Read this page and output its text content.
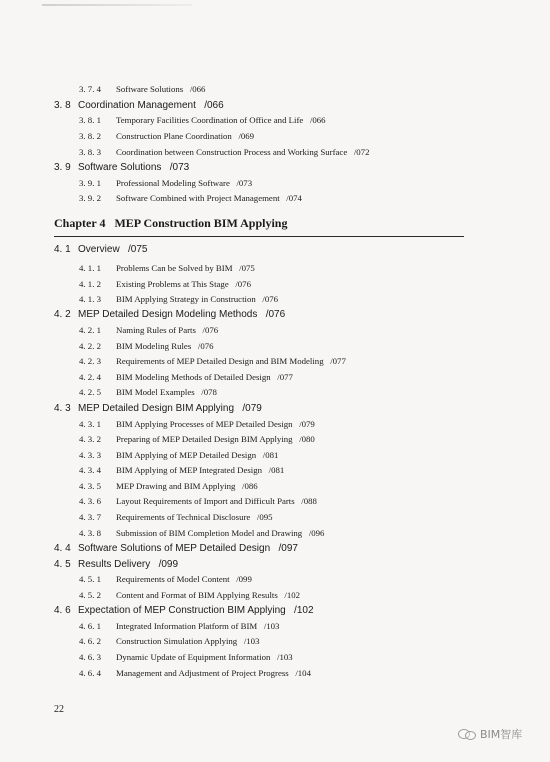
3. 7. 4 Software Solutions /066
3. 8 Coordination Management /066
3. 8. 1 Temporary Facilities Coordination of Office and Life /066
3. 8. 2 Construction Plane Coordination /069
3. 8. 3 Coordination between Construction Process and Working Surface /072
3. 9 Software Solutions /073
3. 9. 1 Professional Modeling Software /073
3. 9. 2 Software Combined with Project Management /074
Chapter 4 MEP Construction BIM Applying
4. 1 Overview /075
4. 1. 1 Problems Can be Solved by BIM /075
4. 1. 2 Existing Problems at This Stage /076
4. 1. 3 BIM Applying Strategy in Construction /076
4. 2 MEP Detailed Design Modeling Methods /076
4. 2. 1 Naming Rules of Parts /076
4. 2. 2 BIM Modeling Rules /076
4. 2. 3 Requirements of MEP Detailed Design and BIM Modeling /077
4. 2. 4 BIM Modeling Methods of Detailed Design /077
4. 2. 5 BIM Model Examples /078
4. 3 MEP Detailed Design BIM Applying /079
4. 3. 1 BIM Applying Processes of MEP Detailed Design /079
4. 3. 2 Preparing of MEP Detailed Design BIM Applying /080
4. 3. 3 BIM Applying of MEP Detailed Design /081
4. 3. 4 BIM Applying of MEP Integrated Design /081
4. 3. 5 MEP Drawing and BIM Applying /086
4. 3. 6 Layout Requirements of Import and Difficult Parts /088
4. 3. 7 Requirements of Technical Disclosure /095
4. 3. 8 Submission of BIM Completion Model and Drawing /096
4. 4 Software Solutions of MEP Detailed Design /097
4. 5 Results Delivery /099
4. 5. 1 Requirements of Model Content /099
4. 5. 2 Content and Format of BIM Applying Results /102
4. 6 Expectation of MEP Construction BIM Applying /102
4. 6. 1 Integrated Information Platform of BIM /103
4. 6. 2 Construction Simulation Applying /103
4. 6. 3 Dynamic Update of Equipment Information /103
4. 6. 4 Management and Adjustment of Project Progress /104
22
BIM智库
